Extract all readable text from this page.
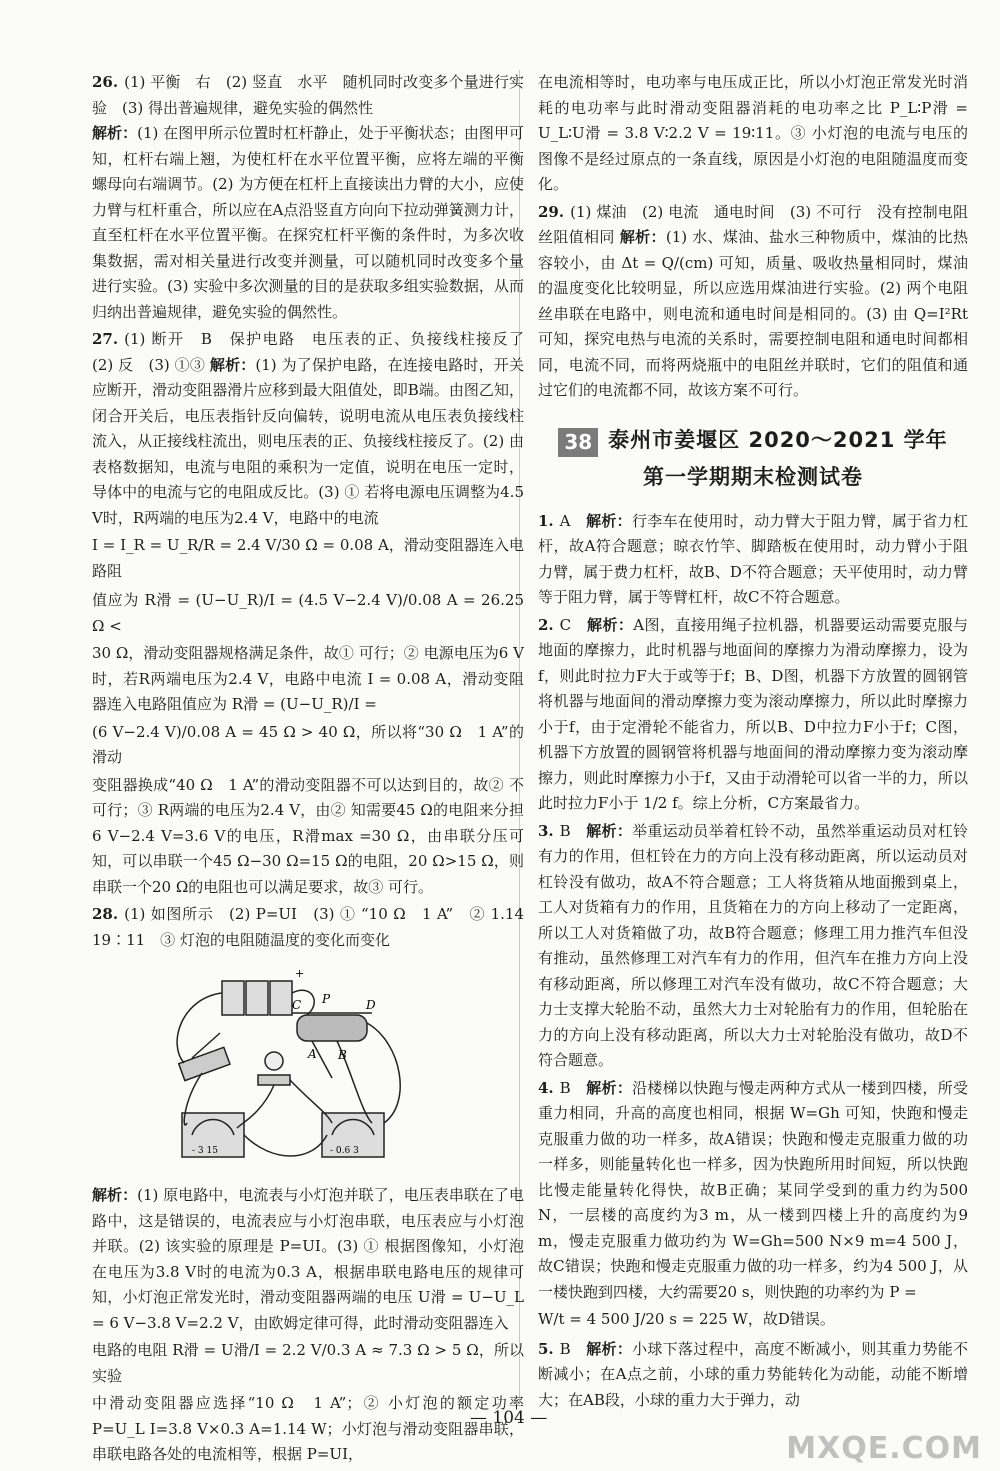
26. (1) 平衡　右　(2) 竖直　水平　随机同时改变多个量进行实验　(3) 得出普遍规律，避免实验的偶然性
解析：(1) 在图甲所示位置时杠杆静止，处于平衡状态；由图甲可知，杠杆右端上翘，为使杠杆在水平位置平衡，应将左端的平衡螺母向右端调节。(2) 为方便在杠杆上直接读出力臂的大小，应使力臂与杠杆重合，所以应在A点沿竖直方向向下拉动弹簧测力计，直至杠杆在水平位置平衡。在探究杠杆平衡的条件时，为多次收集数据，需对相关量进行改变并测量，可以随机同时改变多个量进行实验。(3) 实验中多次测量的目的是获取多组实验数据，从而归纳出普遍规律，避免实验的偶然性。
27. (1) 断开　B　保护电路　电压表的正、负接线柱接反了　(2) 反　(3) ①③ 解析：(1) 为了保护电路，在连接电路时，开关应断开，滑动变阻器滑片应移到最大阻值处，即B端。由图乙知，闭合开关后，电压表指针反向偏转，说明电流从电压表负接线柱流入，从正接线柱流出，则电压表的正、负接线柱接反了。(2) 由表格数据知，电流与电阻的乘积为一定值，说明在电压一定时，导体中的电流与它的电阻成反比。(3) ① 若将电源电压调整为4.5 V时，R两端的电压为2.4 V，电路中的电流
I = I_R = U_R/R = 2.4 V/30 Ω = 0.08 A，滑动变阻器连入电路阻
值应为 R滑 = (U−U_R)/I = (4.5 V−2.4 V)/0.08 A = 26.25 Ω < 30 Ω，滑动变阻器规格满足条件，故① 可行；② 电源电压为6 V时，若R两端电压为2.4 V，电路中电流 I = 0.08 A，滑动变阻器连入电路阻值应为 R滑 = (U−U_R)/I =
(6 V−2.4 V)/0.08 A = 45 Ω > 40 Ω，所以将“30 Ω　1 A”的滑动 变阻器换成“40 Ω　1 A”的滑动变阻器不可以达到目的，故② 不可行；③ R两端的电压为2.4 V，由② 知需要45 Ω的电阻来分担6 V−2.4 V=3.6 V的电压，R滑max =30 Ω，由串联分压可知，可以串联一个45 Ω−30 Ω=15 Ω的电阻，20 Ω>15 Ω，则串联一个20 Ω的电阻也可以满足要求，故③ 可行。
28. (1) 如图所示　(2) P=UI　(3) ① “10 Ω　1 A”　② 1.14　19∶11　③ 灯泡的电阻随温度的变化而变化
+
C P	D
A B
- 3 15	- 0.6 3
解析：(1) 原电路中，电流表与小灯泡并联了，电压表串联在了电路中，这是错误的，电流表应与小灯泡串联，电压表应与小灯泡并联。(2) 该实验的原理是 P=UI。(3) ① 根据图像知，小灯泡在电压为3.8 V时的电流为0.3 A，根据串联电路电压的规律可知，小灯泡正常发光时，滑动变阻器两端的电压 U滑 = U−U_L = 6 V−3.8 V=2.2 V，由欧姆定律可得，此时滑动变阻器连入
电路的电阻 R滑 = U滑/I = 2.2 V/0.3 A ≈ 7.3 Ω > 5 Ω，所以实验 中滑动变阻器应选择“10 Ω　1 A”；② 小灯泡的额定功率 P=U_L I=3.8 V×0.3 A=1.14 W；小灯泡与滑动变阻器串联，串联电路各处的电流相等，根据 P=UI，
在电流相等时，电功率与电压成正比，所以小灯泡正常发光时消耗的电功率与此时滑动变阻器消耗的电功率之比 P_L∶P滑 = U_L∶U滑 = 3.8 V∶2.2 V = 19∶11。③ 小灯泡的电流与电压的图像不是经过原点的一条直线，原因是小灯泡的电阻随温度而变化。
29. (1) 煤油　(2) 电流　通电时间　(3) 不可行　没有控制电阻丝阻值相同 解析：(1) 水、煤油、盐水三种物质中，煤油的比热容较小，由 Δt = Q/(cm) 可知，质量、吸收热量相同时，煤油的温度变化比较明显，所以应选用煤油进行实验。(2) 两个电阻丝串联在电路中，则电流和通电时间是相同的。(3) 由 Q=I²Rt 可知，探究电热与电流的关系时，需要控制电阻和通电时间都相同，电流不同，而将两烧瓶中的电阻丝并联时，它们的阻值和通过它们的电流都不同，故该方案不可行。
38 泰州市姜堰区 2020～2021 学年
第一学期期末检测试卷
1. A　 解析：行李车在使用时，动力臂大于阻力臂，属于省力杠杆，故A符合题意；晾衣竹竿、脚踏板在使用时，动力臂小于阻力臂，属于费力杠杆，故B、D不符合题意；天平使用时，动力臂等于阻力臂，属于等臂杠杆，故C不符合题意。
2. C　 解析：A图，直接用绳子拉机器，机器要运动需要克服与地面的摩擦力，此时机器与地面间的摩擦力为滑动摩擦力，设为f，则此时拉力F大于或等于f；B、D图，机器下方放置的圆钢管将机器与地面间的滑动摩擦力变为滚动摩擦力，所以此时摩擦力小于f，由于定滑轮不能省力，所以B、D中拉力F小于f；C图，机器下方放置的圆钢管将机器与地面间的滑动摩擦力变为滚动摩擦力，则此时摩擦力小于f，又由于动滑轮可以省一半的力，所以此时拉力F小于 1/2 f。综上分析，C方案最省力。
3. B　 解析：举重运动员举着杠铃不动，虽然举重运动员对杠铃有力的作用，但杠铃在力的方向上没有移动距离，所以运动员对杠铃没有做功，故A不符合题意；工人将货箱从地面搬到桌上，工人对货箱有力的作用，且货箱在力的方向上移动了一定距离，所以工人对货箱做了功，故B符合题意；修理工用力推汽车但没有推动，虽然修理工对汽车有力的作用，但汽车在推力方向上没有移动距离，所以修理工对汽车没有做功，故C不符合题意；大力士支撑大轮胎不动，虽然大力士对轮胎有力的作用，但轮胎在力的方向上没有移动距离，所以大力士对轮胎没有做功，故D不符合题意。
4. B　 解析：沿楼梯以快跑与慢走两种方式从一楼到四楼，所受重力相同，升高的高度也相同，根据 W=Gh 可知，快跑和慢走克服重力做的功一样多，故A错误；快跑和慢走克服重力做的功一样多，则能量转化也一样多，因为快跑所用时间短，所以快跑比慢走能量转化得快，故B正确；某同学受到的重力约为500 N，一层楼的高度约为3 m，从一楼到四楼上升的高度约为9 m，慢走克服重力做功约为 W=Gh=500 N×9 m=4 500 J，故C错误；快跑和慢走克服重力做的功一样多，约为4 500 J，从一楼快跑到四楼，大约需要20 s，则快跑的功率约为 P =
W/t = 4 500 J/20 s = 225 W，故D错误。
5. B　 解析：小球下落过程中，高度不断减小，则其重力势能不断减小；在A点之前，小球的重力势能转化为动能，动能不断增大；在AB段，小球的重力大于弹力，动
— 104 —
MXQE.COM
